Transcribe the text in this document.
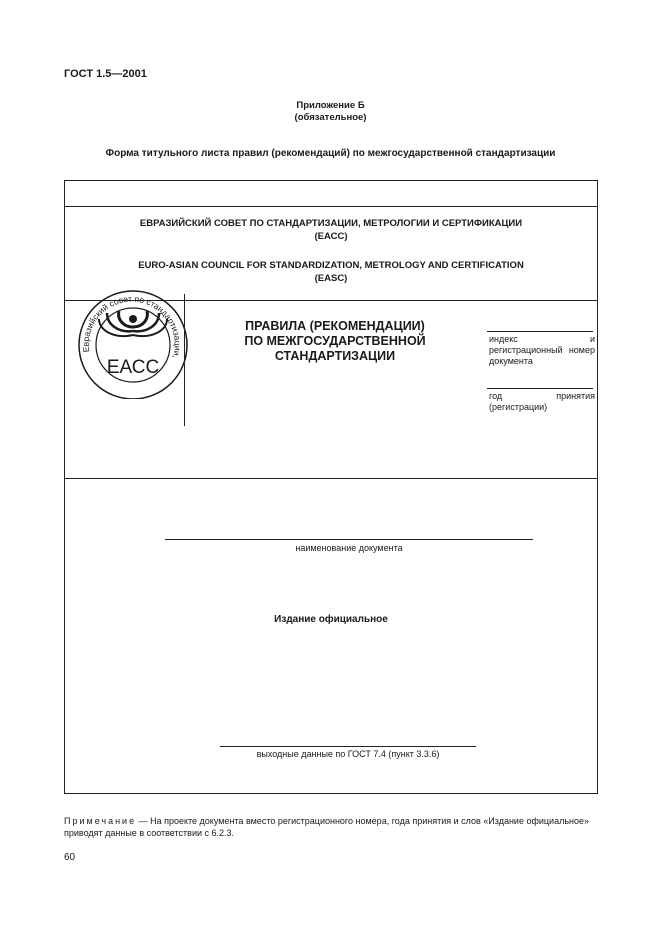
ГОСТ 1.5—2001
Приложение Б
(обязательное)
Форма титульного листа правил (рекомендаций) по межгосударственной стандартизации
ЕВРАЗИЙСКИЙ СОВЕТ ПО СТАНДАРТИЗАЦИИ, МЕТРОЛОГИИ И СЕРТИФИКАЦИИ
(ЕАСС)
EURO-ASIAN COUNCIL FOR STANDARDIZATION, METROLOGY AND CERTIFICATION
(EASC)
Евразийский совет по стандартизации,
ЕАСС
ПРАВИЛА (РЕКОМЕНДАЦИИ)
ПО МЕЖГОСУДАРСТВЕННОЙ
СТАНДАРТИЗАЦИИ
индекс и регистрационный номер документа
год принятия (регистрации)
наименование документа
Издание официальное
выходные данные по ГОСТ 7.4 (пункт 3.3.6)
Примечание — На проекте документа вместо регистрационного номера, года принятия и слов «Издание официальное» приводят данные в соответствии с 6.2.3.
60
